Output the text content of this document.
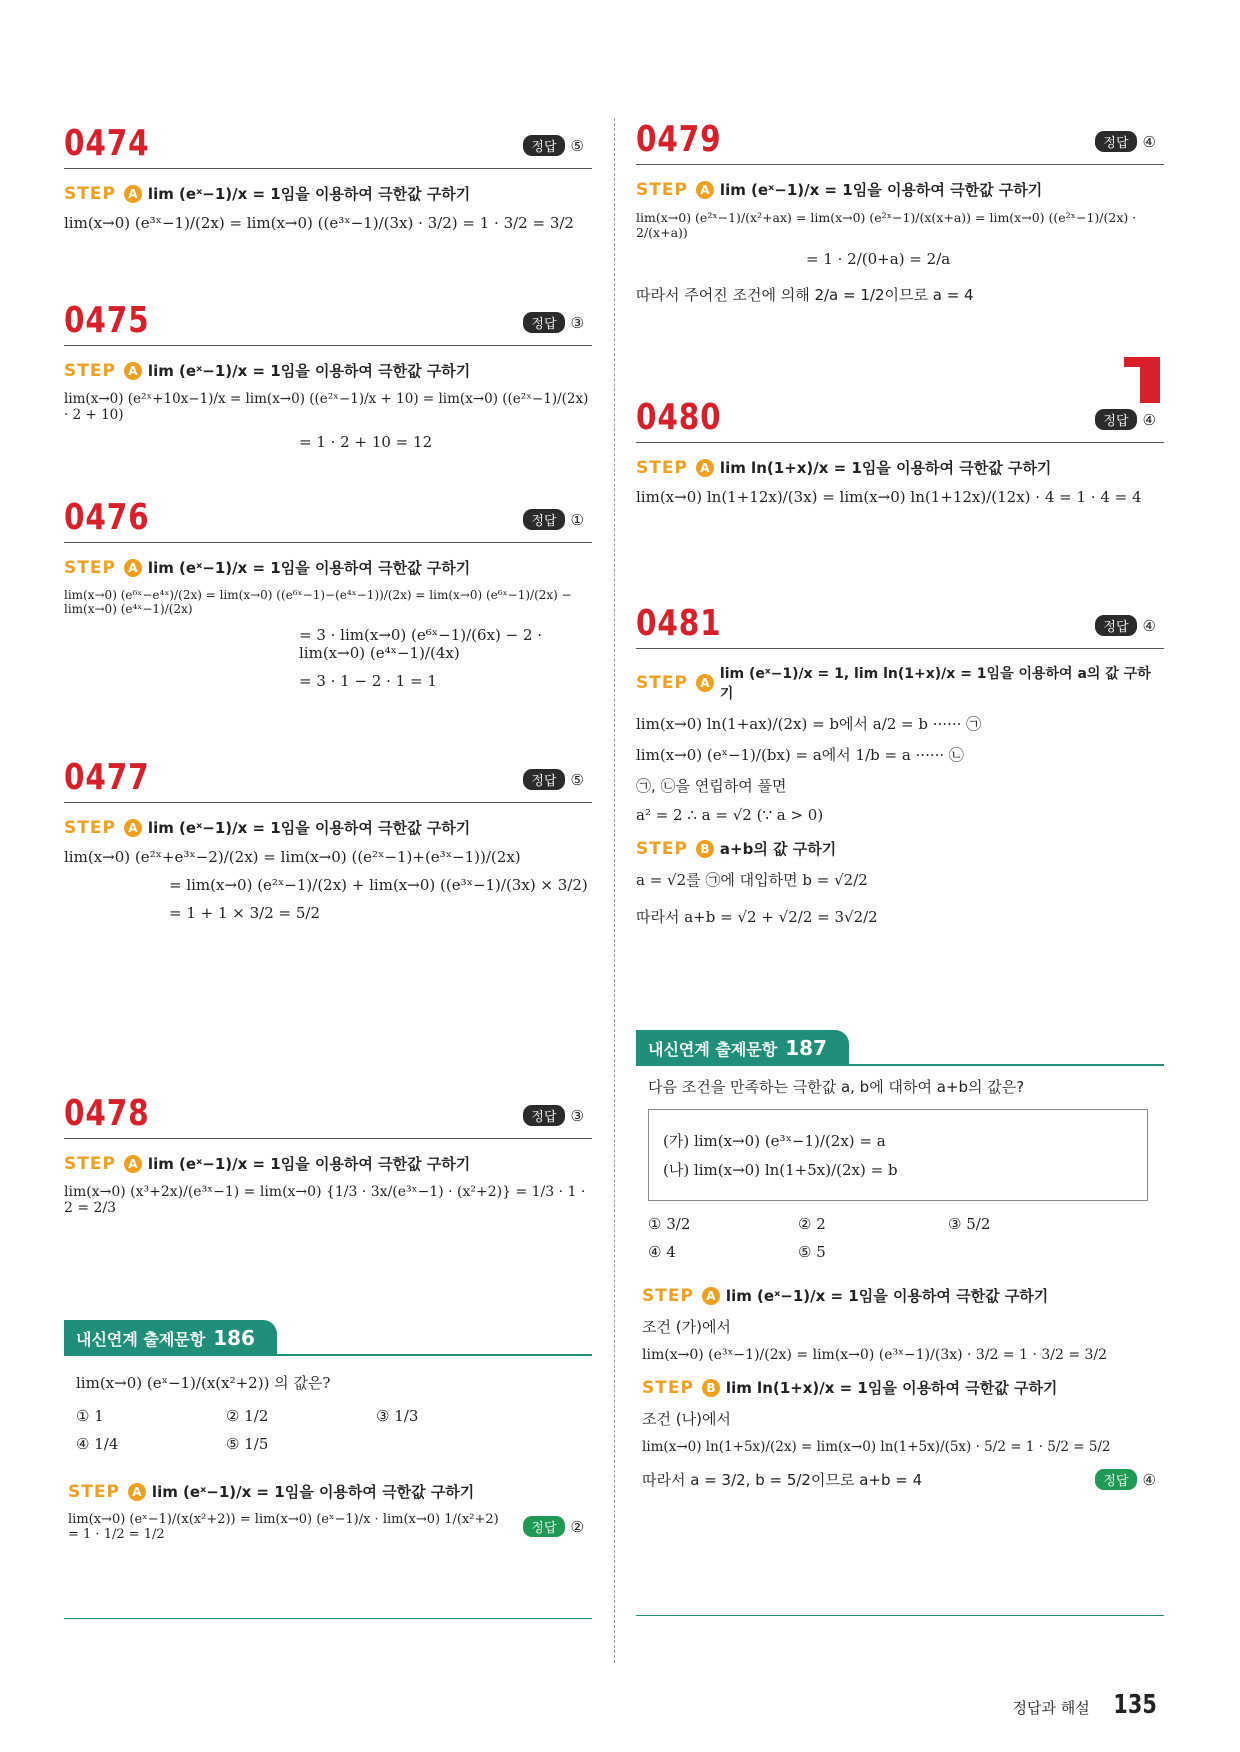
0474	정답 ⑤
STEP	A lim (eˣ−1)/x = 1임을 이용하여 극한값 구하기
lim(x→0) (e³ˣ−1)/(2x) = lim(x→0) ((e³ˣ−1)/(3x) · 3/2) = 1 · 3/2 = 3/2
0475	정답 ③
STEP	A lim (eˣ−1)/x = 1임을 이용하여 극한값 구하기
lim(x→0) (e²ˣ+10x−1)/x = lim(x→0) ((e²ˣ−1)/x + 10) = lim(x→0) ((e²ˣ−1)/(2x) · 2 + 10)
= 1 · 2 + 10 = 12
0476	정답 ①
STEP	A lim (eˣ−1)/x = 1임을 이용하여 극한값 구하기
lim(x→0) (e⁶ˣ−e⁴ˣ)/(2x) = lim(x→0) ((e⁶ˣ−1)−(e⁴ˣ−1))/(2x) = lim(x→0) (e⁶ˣ−1)/(2x) − lim(x→0) (e⁴ˣ−1)/(2x)
= 3 · lim(x→0) (e⁶ˣ−1)/(6x) − 2 · lim(x→0) (e⁴ˣ−1)/(4x)
= 3 · 1 − 2 · 1 = 1
0477	정답 ⑤
STEP	A lim (eˣ−1)/x = 1임을 이용하여 극한값 구하기
lim(x→0) (e²ˣ+e³ˣ−2)/(2x) = lim(x→0) ((e²ˣ−1)+(e³ˣ−1))/(2x)
= lim(x→0) (e²ˣ−1)/(2x) + lim(x→0) ((e³ˣ−1)/(3x) × 3/2)
= 1 + 1 × 3/2 = 5/2
0478	정답 ③
STEP	A lim (eˣ−1)/x = 1임을 이용하여 극한값 구하기
lim(x→0) (x³+2x)/(e³ˣ−1) = lim(x→0) {1/3 · 3x/(e³ˣ−1) · (x²+2)} = 1/3 · 1 · 2 = 2/3
내신연계 출제문항 186
lim(x→0) (eˣ−1)/(x(x²+2)) 의 값은?
① 1	② 1/2	③ 1/3
④ 1/4	⑤ 1/5
STEP	A lim (eˣ−1)/x = 1임을 이용하여 극한값 구하기
lim(x→0) (eˣ−1)/(x(x²+2)) = lim(x→0) (eˣ−1)/x · lim(x→0) 1/(x²+2) = 1 · 1/2 = 1/2	정답 ②
0479	정답 ④
STEP	A lim (eˣ−1)/x = 1임을 이용하여 극한값 구하기
lim(x→0) (e²ˣ−1)/(x²+ax) = lim(x→0) (e²ˣ−1)/(x(x+a)) = lim(x→0) ((e²ˣ−1)/(2x) · 2/(x+a))
= 1 · 2/(0+a) = 2/a
따라서 주어진 조건에 의해 2/a = 1/2이므로 a = 4
0480	정답 ④
STEP	A lim ln(1+x)/x = 1임을 이용하여 극한값 구하기
lim(x→0) ln(1+12x)/(3x) = lim(x→0) ln(1+12x)/(12x) · 4 = 1 · 4 = 4
0481	정답 ④
STEP	A
lim (eˣ−1)/x = 1, lim ln(1+x)/x = 1임을 이용하여 a의 값 구하기
lim(x→0) ln(1+ax)/(2x) = b에서 a/2 = b ······ ㉠
lim(x→0) (eˣ−1)/(bx) = a에서 1/b = a ······ ㉡
㉠, ㉡을 연립하여 풀면
a² = 2 ∴ a = √2 (∵ a > 0)
STEP	B a+b의 값 구하기
a = √2를 ㉠에 대입하면 b = √2/2
따라서 a+b = √2 + √2/2 = 3√2/2
내신연계 출제문항 187
다음 조건을 만족하는 극한값 a, b에 대하여 a+b의 값은?
(가) lim(x→0) (e³ˣ−1)/(2x) = a
(나) lim(x→0) ln(1+5x)/(2x) = b
① 3/2	② 2	③ 5/2
④ 4	⑤ 5
STEP	A lim (eˣ−1)/x = 1임을 이용하여 극한값 구하기
조건 (가)에서
lim(x→0) (e³ˣ−1)/(2x) = lim(x→0) (e³ˣ−1)/(3x) · 3/2 = 1 · 3/2 = 3/2
STEP	B lim ln(1+x)/x = 1임을 이용하여 극한값 구하기
조건 (나)에서
lim(x→0) ln(1+5x)/(2x) = lim(x→0) ln(1+5x)/(5x) · 5/2 = 1 · 5/2 = 5/2
따라서 a = 3/2, b = 5/2이므로 a+b = 4	정답 ④
정답과 해설 135
